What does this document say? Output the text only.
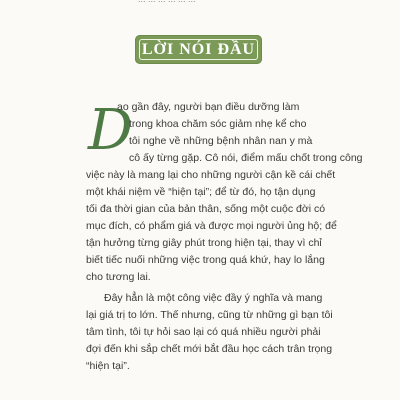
LỜI NÓI ĐẦU
D
ạo gần đây, người bạn điều dưỡng làm
trong khoa chăm sóc giảm nhẹ kể cho
tôi nghe về những bệnh nhân nan y mà
cô ấy từng gặp. Cô nói, điểm mấu chốt trong công
việc này là mang lại cho những người cận kề cái chết
một khái niệm về “hiện tại”; để từ đó, họ tận dụng
tối đa thời gian của bản thân, sống một cuộc đời có
mục đích, có phẩm giá và được mọi người ủng hộ; để
tận hưởng từng giây phút trong hiện tại, thay vì chỉ
biết tiếc nuối những việc trong quá khứ, hay lo lắng
cho tương lai.
Đây hẳn là một công việc đầy ý nghĩa và mang
lại giá trị to lớn. Thế nhưng, cũng từ những gì bạn tôi
tâm tình, tôi tự hỏi sao lại có quá nhiều người phải
đợi đến khi sắp chết mới bắt đầu học cách trân trọng
“hiện tại”.
